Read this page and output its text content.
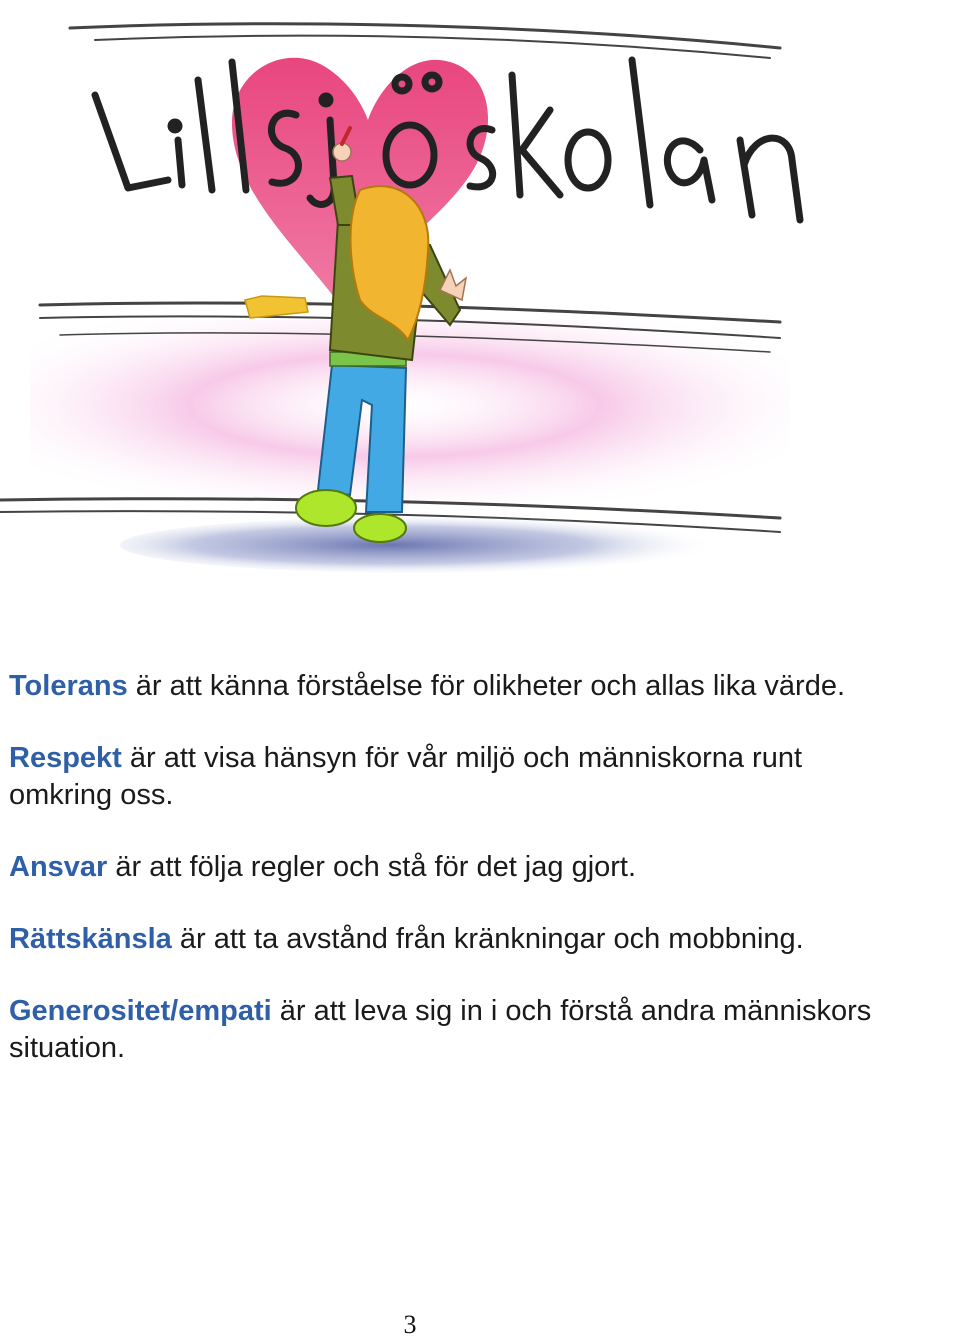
Tolerans är att känna förståelse för olikheter och allas lika värde.

Respekt är att visa hänsyn för vår miljö och människorna runt
omkring oss.

Ansvar är att följa regler och stå för det jag gjort.

Rättskänsla är att ta avstånd från kränkningar och mobbning.

Generositet/empati är att leva sig in i och förstå andra människors
situation.

3
